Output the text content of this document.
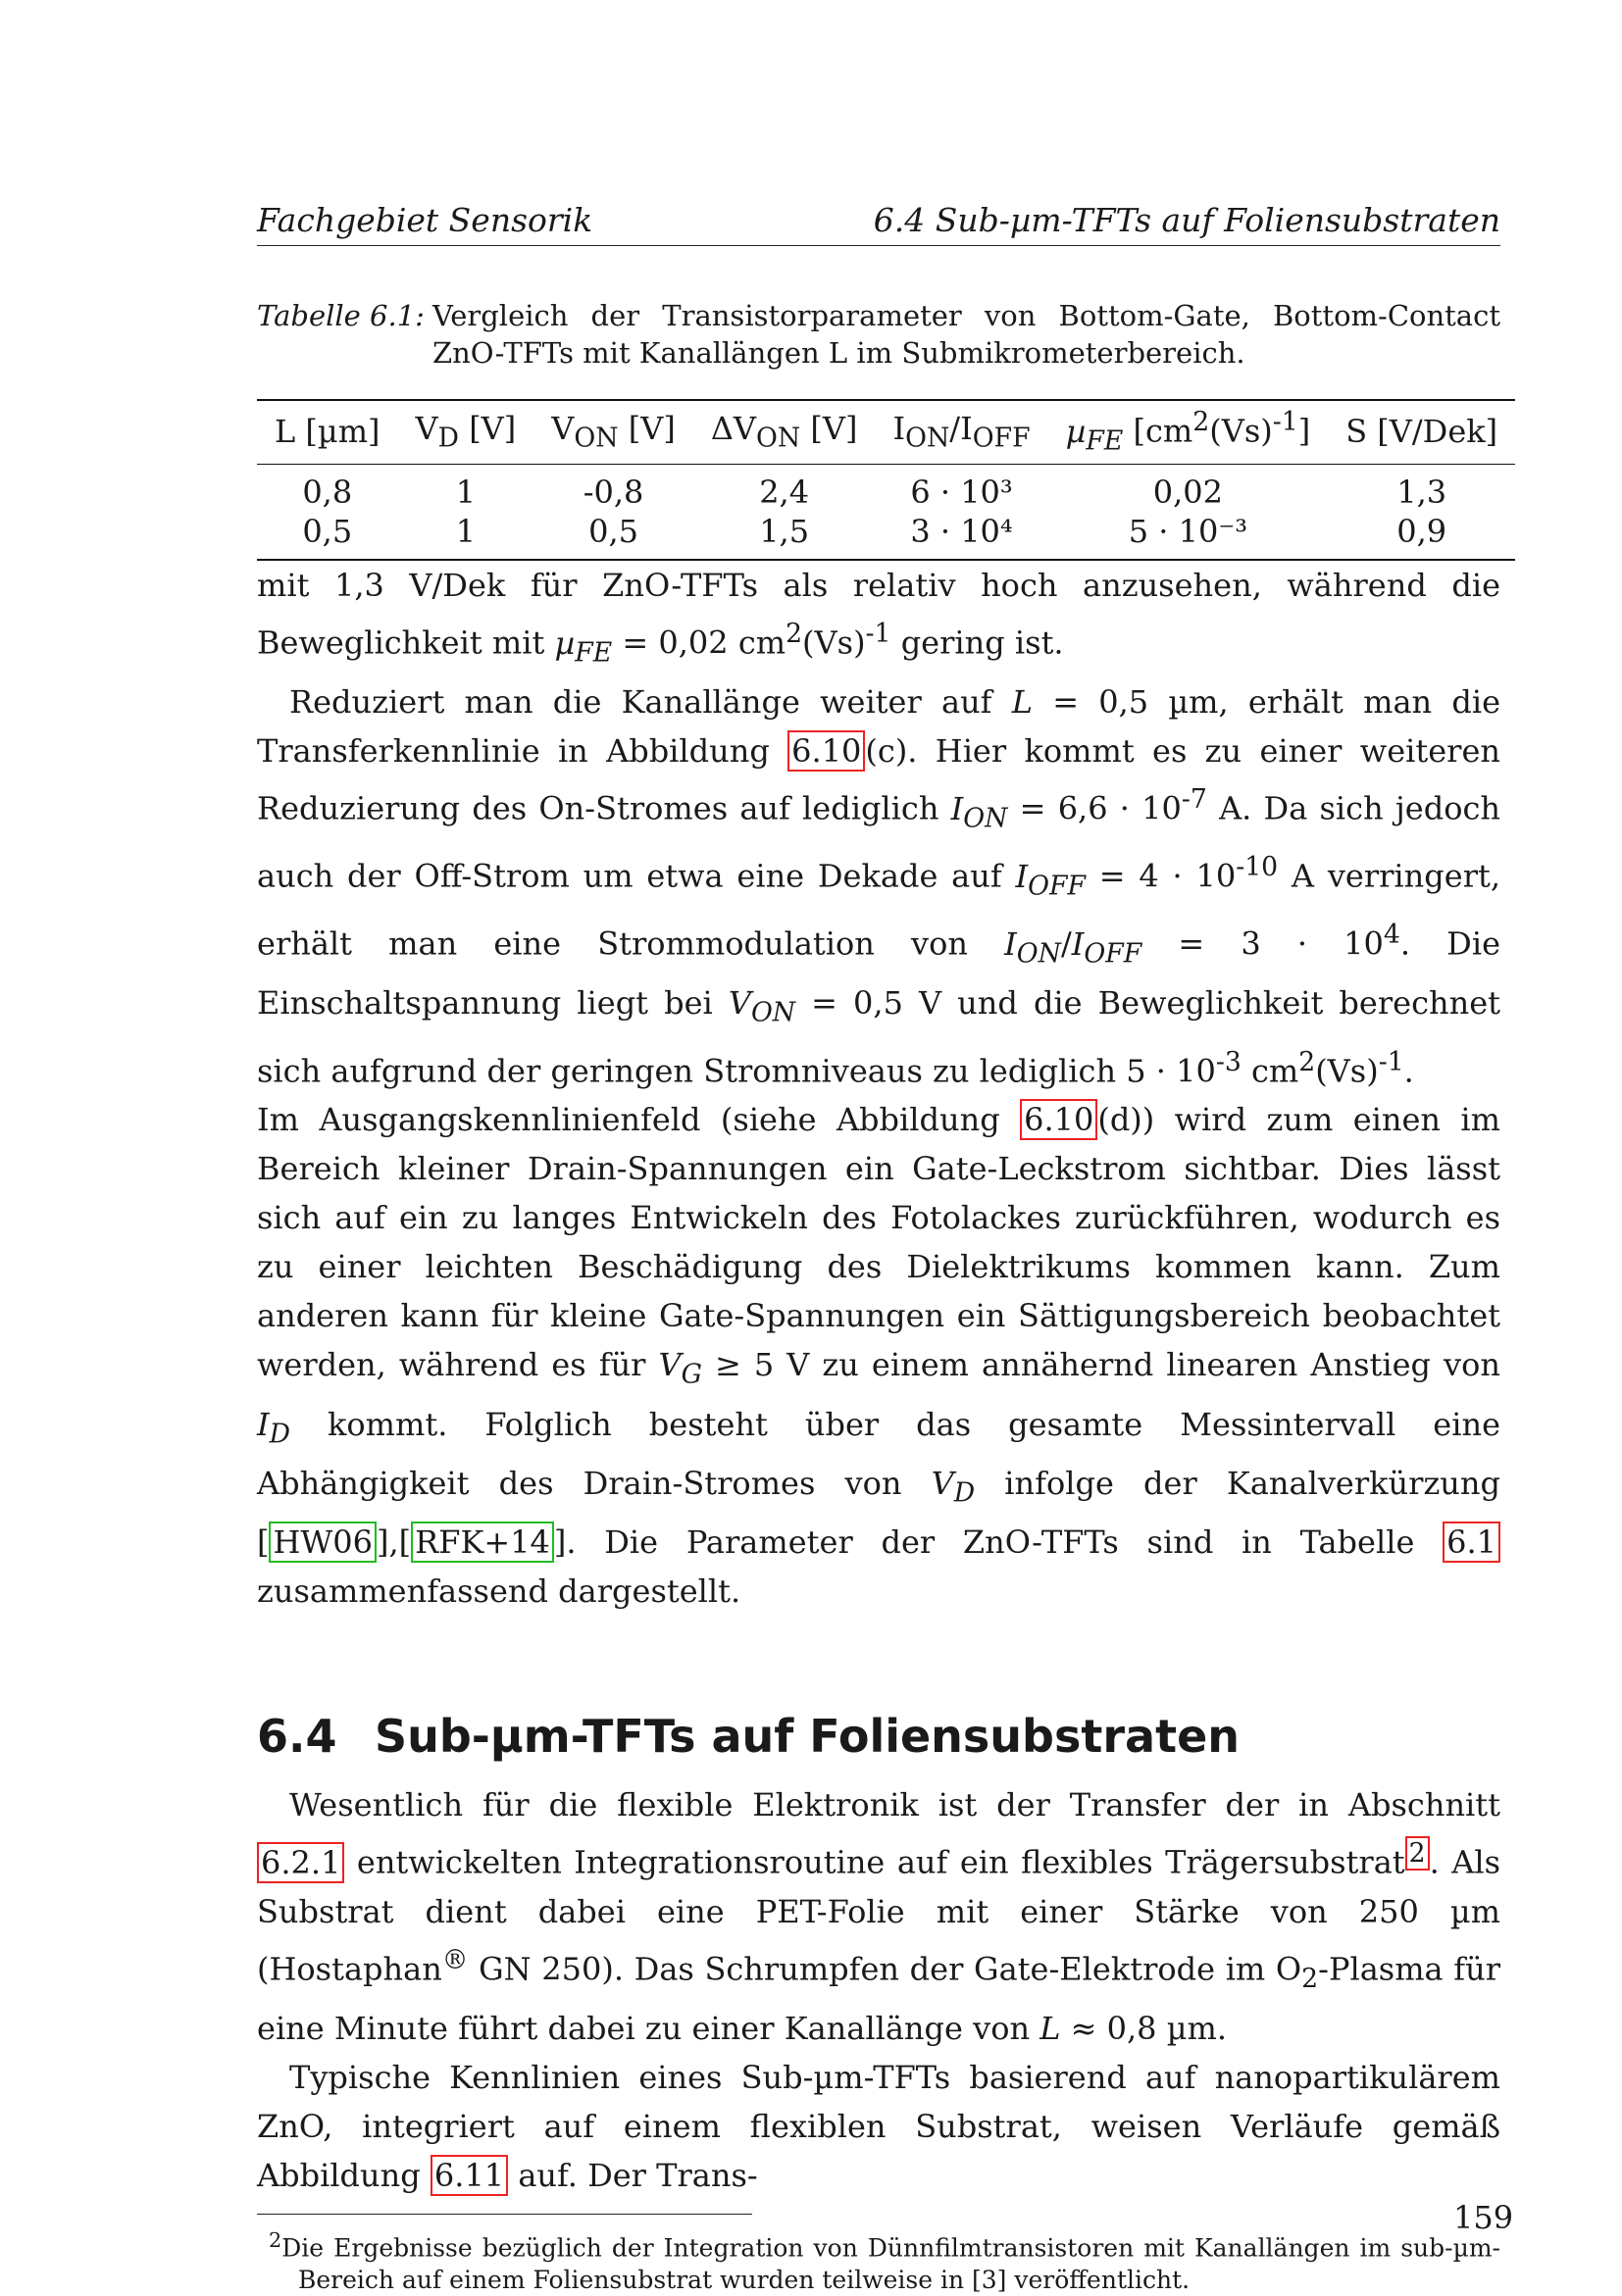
Fachgebiet Sensorik	6.4 Sub-µm-TFTs auf Foliensubstraten
Tabelle 6.1: Vergleich der Transistorparameter von Bottom-Gate, Bottom-Contact ZnO-TFTs mit Kanallängen L im Submikrometerbereich.
L [µm]	$V_D$ [V]	$V_{ON}$ [V]	$\Delta V_{ON}$ [V]	$I_{ON}/I_{OFF}$	µ$_{FE}$ $[cm^2(Vs)^{-1}]$	S [V/Dek]
0,8	1	-0,8	2,4	6 · 10³	0,02	1,3
0,5	1	0,5	1,5	3 · 10⁴	5 · 10⁻³	0,9

mit 1,3 V/Dek für ZnO-TFTs als relativ hoch anzusehen, während die Beweglichkeit mit µ$_{FE}$ = 0,02 $cm^2(Vs)^{-1}$ gering ist.

Reduziert man die Kanallänge weiter auf L = 0,5 µm, erhält man die Transferkennlinie in Abbildung 6.10 (c). Hier kommt es zu einer weiteren Reduzierung des On-Stromes auf lediglich $I_{ON} = 6,6 \cdot 10^{-7}$ A. Da sich jedoch auch der Off-Strom um etwa eine Dekade auf $I_{OFF} = 4 \cdot 10^{-10}$ A verringert, erhält man eine Strommodulation von $I_{ON}/I_{OFF} = 3 \cdot 10^4$. Die Einschaltspannung liegt bei $V_{ON} = 0,5$ V und die Beweglichkeit berechnet sich aufgrund der geringen Stromniveaus zu lediglich $5 \cdot 10^{-3}$ $cm^2(Vs)^{-1}$.

Im Ausgangskennlinienfeld (siehe Abbildung 6.10 (d)) wird zum einen im Bereich kleiner Drain-Spannungen ein Gate-Leckstrom sichtbar. Dies lässt sich auf ein zu langes Entwickeln des Fotolackes zurückführen, wodurch es zu einer leichten Beschädigung des Dielektrikums kommen kann. Zum anderen kann für kleine Gate-Spannungen ein Sättigungsbereich beobachtet werden, während es für $V_G \ge 5$ V zu einem annähernd linearen Anstieg von $I_D$ kommt. Folglich besteht über das gesamte Messintervall eine Abhängigkeit des Drain-Stromes von $V_D$ infolge der Kanalverkürzung [ HW06 ],[ RFK+14 ]. Die Parameter der ZnO-TFTs sind in Tabelle 6.1 zusammenfassend dargestellt.

6.4 Sub-µm-TFTs auf Foliensubstraten

Wesentlich für die flexible Elektronik ist der Transfer der in Abschnitt 6.2.1 entwickelten Integrationsroutine auf ein flexibles Trägersubstrat $^2$ . Als Substrat dient dabei eine PET-Folie mit einer Stärke von 250 µm (Hostaphan® GN 250). Das Schrumpfen der Gate-Elektrode im $O_2$-Plasma für eine Minute führt dabei zu einer Kanallänge von L ≈ 0,8 µm.

Typische Kennlinien eines Sub-µm-TFTs basierend auf nanopartikulärem ZnO, integriert auf einem flexiblen Substrat, weisen Verläufe gemäß Abbildung 6.11 auf. Der Trans-

$^2$Die Ergebnisse bezüglich der Integration von Dünnfilmtransistoren mit Kanallängen im sub-µm-Bereich auf einem Foliensubstrat wurden teilweise in [3] veröffentlicht.
159
